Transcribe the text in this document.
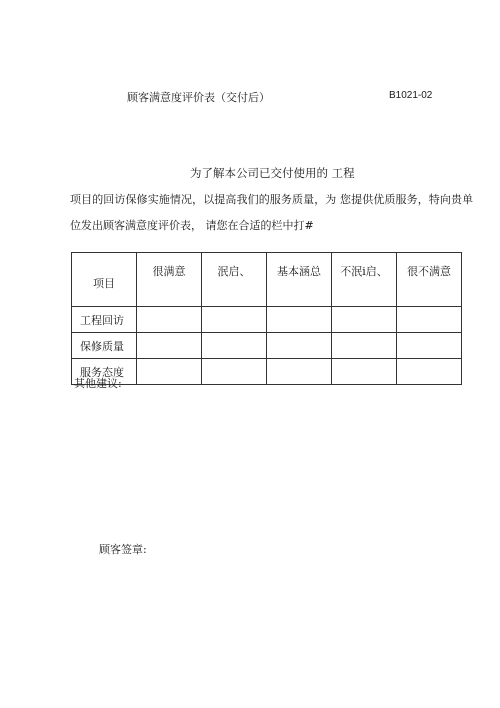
顾客满意度评价表（交付后）	B1021-02
为了解本公司已交付使用的 工程
项目的回访保修实施情况，以提高我们的服务质量，为 您提供优质服务，特向贵单
位发出顾客满意度评价表， 请您在合适的栏中打#
项目	很满意	泯启、	基本涵总	不泯i启、	很不满意
工程回访					
保修质量					
服务态度					
其他建议:
顾客签章:
